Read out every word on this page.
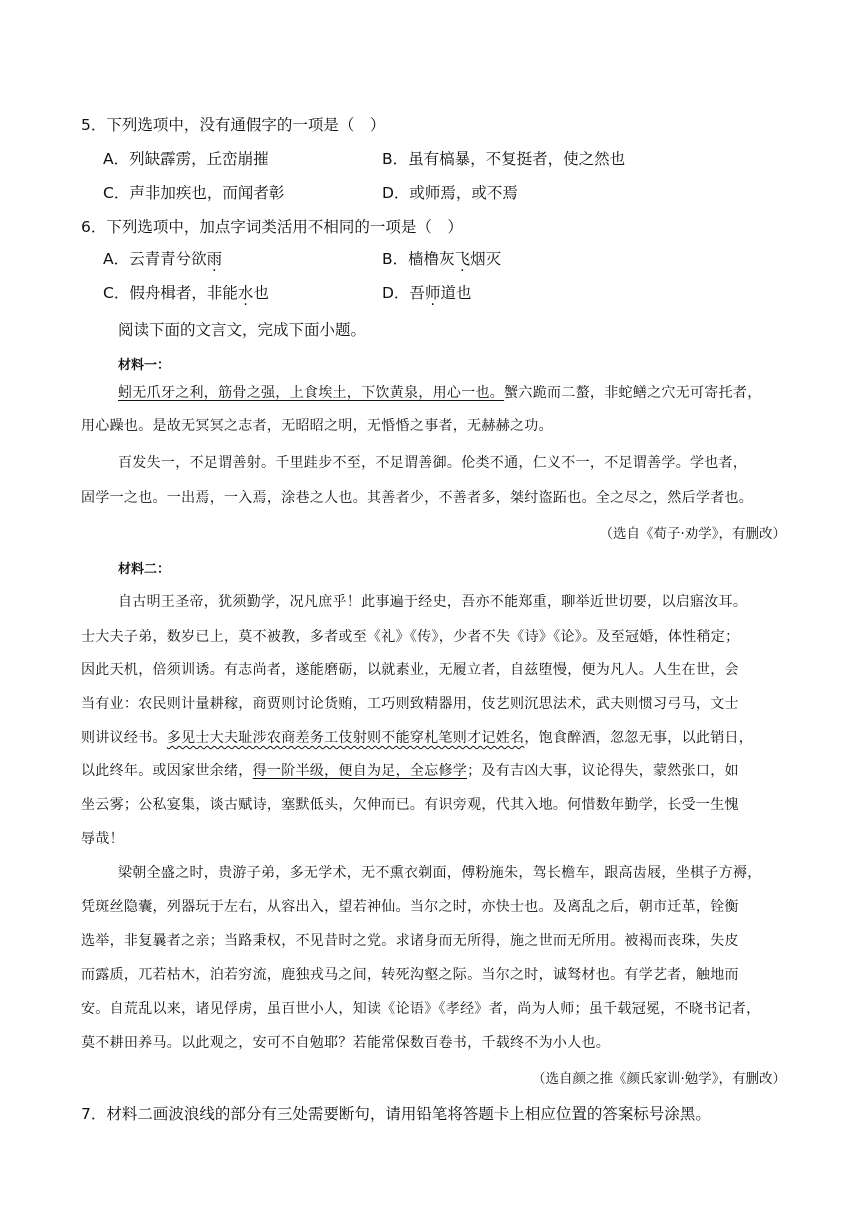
5．下列选项中，没有通假字的一项是（　）
A．列缺霹雳，丘峦崩摧	B．虽有槁暴，不复挺者，使之然也
C．声非加疾也，而闻者彰	D．或师焉，或不焉
6．下列选项中，加点字词类活用不相同的一项是（　）
A．云青青兮欲雨	B．樯橹灰飞烟灭
C．假舟楫者，非能水也	D．吾师道也
阅读下面的文言文，完成下面小题。
材料一：
蚓无爪牙之利，筋骨之强，上食埃土，下饮黄泉，用心一也。蟹六跪而二螯，非蛇鳝之穴无可寄托者，
用心躁也。是故无冥冥之志者，无昭昭之明，无惛惛之事者，无赫赫之功。
百发失一，不足谓善射。千里跬步不至，不足谓善御。伦类不通，仁义不一，不足谓善学。学也者，
固学一之也。一出焉，一入焉，涂巷之人也。其善者少，不善者多，桀纣盗跖也。全之尽之，然后学者也。
（选自《荀子·劝学》，有删改）
材料二：
自古明王圣帝，犹须勤学，况凡庶乎！此事遍于经史，吾亦不能郑重，聊举近世切要，以启寤汝耳。
士大夫子弟，数岁已上，莫不被教，多者或至《礼》《传》，少者不失《诗》《论》。及至冠婚，体性稍定；
因此天机，倍须训诱。有志尚者，遂能磨砺，以就素业，无履立者，自兹堕慢，便为凡人。人生在世，会
当有业：农民则计量耕稼，商贾则讨论货贿，工巧则致精器用，伎艺则沉思法术，武夫则惯习弓马，文士
则讲议经书。多见士大夫耻涉农商差务工伎射则不能穿札笔则才记姓名，饱食醉酒，忽忽无事，以此销日，
以此终年。或因家世余绪，得一阶半级，便自为足，全忘修学；及有吉凶大事，议论得失，蒙然张口，如
坐云雾；公私宴集，谈古赋诗，塞默低头，欠伸而已。有识旁观，代其入地。何惜数年勤学，长受一生愧
辱哉！
梁朝全盛之时，贵游子弟，多无学术，无不熏衣剃面，傅粉施朱，驾长檐车，跟高齿屐，坐棋子方褥，
凭斑丝隐囊，列器玩于左右，从容出入，望若神仙。当尔之时，亦快士也。及离乱之后，朝市迁革，铨衡
选举，非复曩者之亲；当路秉权，不见昔时之党。求诸身而无所得，施之世而无所用。被褐而丧珠，失皮
而露质，兀若枯木，泊若穷流，鹿独戎马之间，转死沟壑之际。当尔之时，诚驽材也。有学艺者，触地而
安。自荒乱以来，诸见俘虏，虽百世小人，知读《论语》《孝经》者，尚为人师；虽千载冠冕，不晓书记者，
莫不耕田养马。以此观之，安可不自勉耶？若能常保数百卷书，千载终不为小人也。
（选自颜之推《颜氏家训·勉学》，有删改）
7．材料二画波浪线的部分有三处需要断句，请用铅笔将答题卡上相应位置的答案标号涂黑。
